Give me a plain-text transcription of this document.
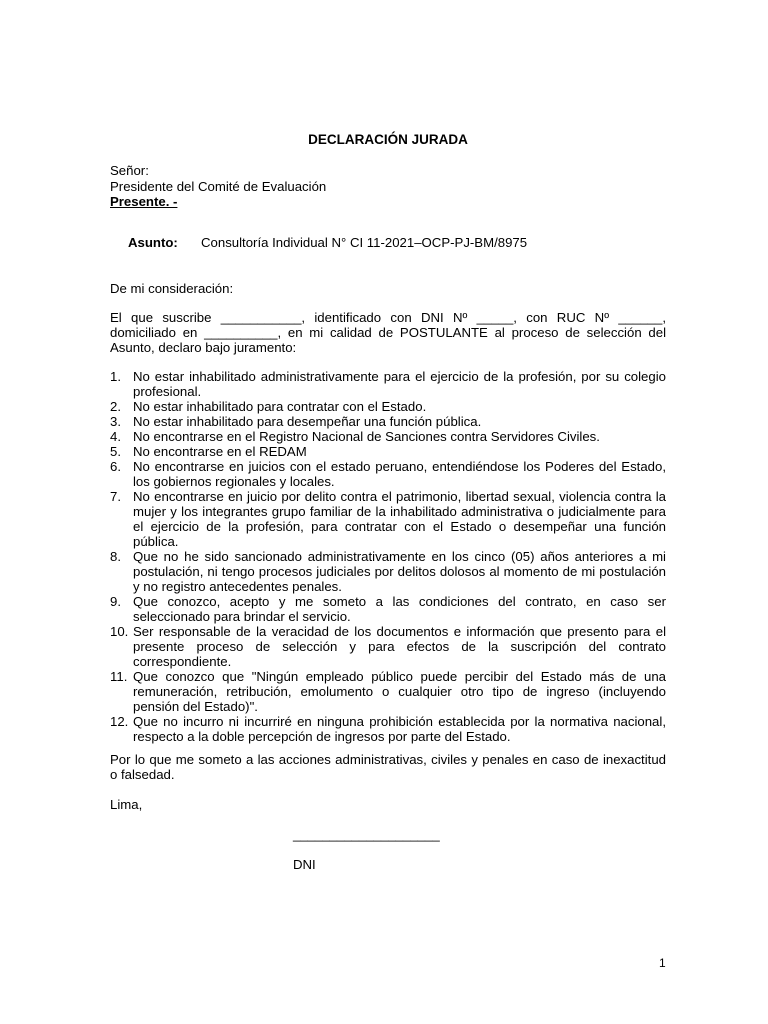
DECLARACIÓN JURADA
Señor:
Presidente del Comité de Evaluación
Presente. -
Asunto: Consultoría Individual N° CI 11-2021–OCP-PJ-BM/8975
De mi consideración:
El que suscribe ___________, identificado con DNI Nº _____, con RUC Nº ______, domiciliado en __________, en mi calidad de POSTULANTE al proceso de selección del Asunto, declaro bajo juramento:
1. No estar inhabilitado administrativamente para el ejercicio de la profesión, por su colegio profesional.
2. No estar inhabilitado para contratar con el Estado.
3. No estar inhabilitado para desempeñar una función pública.
4. No encontrarse en el Registro Nacional de Sanciones contra Servidores Civiles.
5. No encontrarse en el REDAM
6. No encontrarse en juicios con el estado peruano, entendiéndose los Poderes del Estado, los gobiernos regionales y locales.
7. No encontrarse en juicio por delito contra el patrimonio, libertad sexual, violencia contra la mujer y los integrantes grupo familiar de la inhabilitado administrativa o judicialmente para el ejercicio de la profesión, para contratar con el Estado o desempeñar una función pública.
8. Que no he sido sancionado administrativamente en los cinco (05) años anteriores a mi postulación, ni tengo procesos judiciales por delitos dolosos al momento de mi postulación y no registro antecedentes penales.
9. Que conozco, acepto y me someto a las condiciones del contrato, en caso ser seleccionado para brindar el servicio.
10. Ser responsable de la veracidad de los documentos e información que presento para el presente proceso de selección y para efectos de la suscripción del contrato correspondiente.
11. Que conozco que "Ningún empleado público puede percibir del Estado más de una remuneración, retribución, emolumento o cualquier otro tipo de ingreso (incluyendo pensión del Estado)".
12. Que no incurro ni incurriré en ninguna prohibición establecida por la normativa nacional, respecto a la doble percepción de ingresos por parte del Estado.
Por lo que me someto a las acciones administrativas, civiles y penales en caso de inexactitud o falsedad.
Lima,
____________________
DNI
1
